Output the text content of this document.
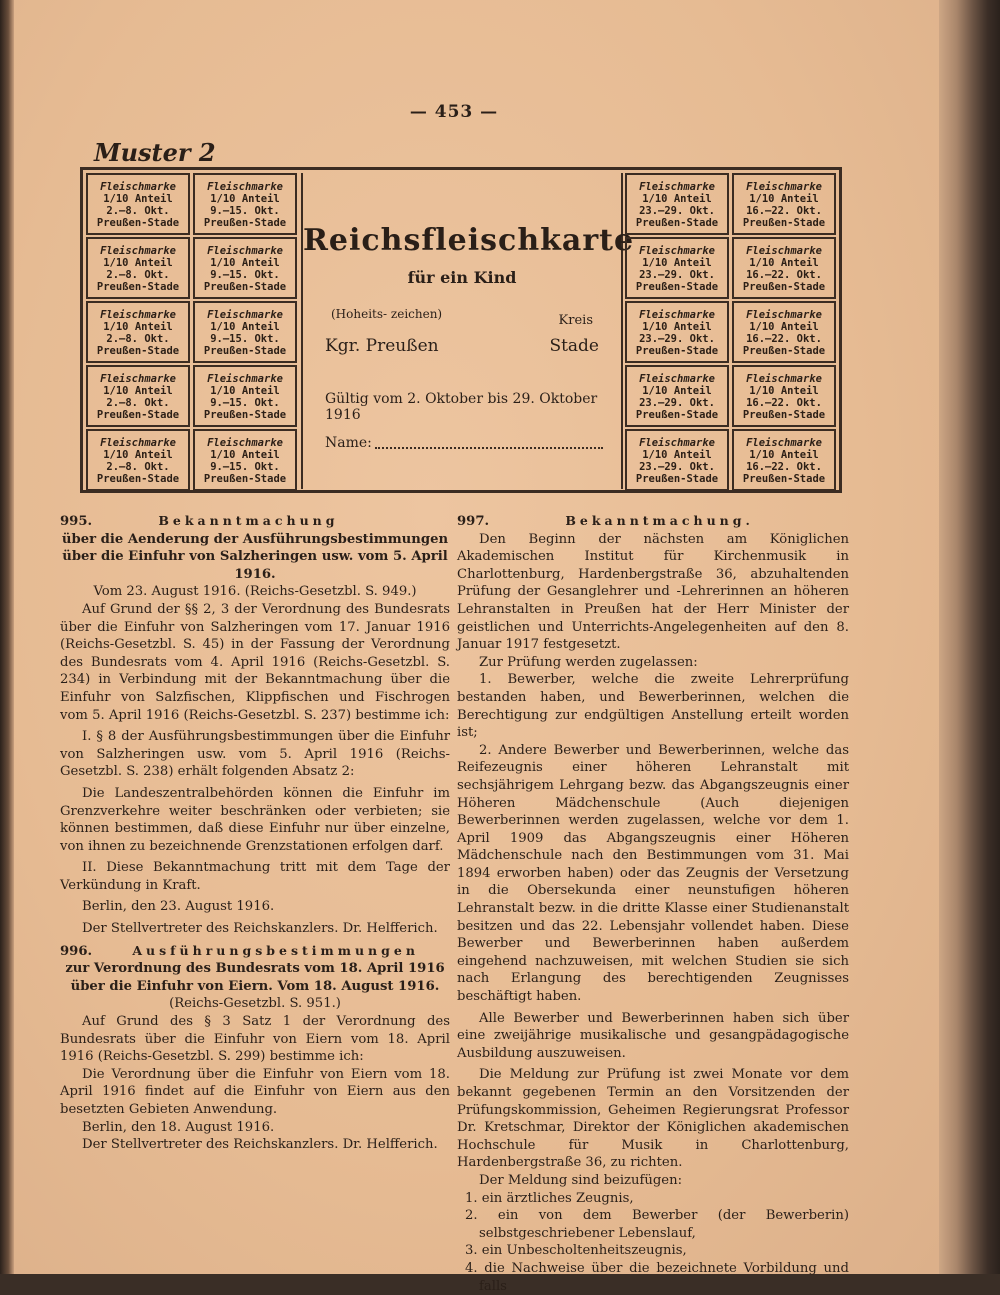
— 453 —
Muster 2
Fleischmarke
1/10 Anteil
2.—8. Okt.
Preußen-Stade
Fleischmarke
1/10 Anteil
2.—8. Okt.
Preußen-Stade
Fleischmarke
1/10 Anteil
2.—8. Okt.
Preußen-Stade
Fleischmarke
1/10 Anteil
2.—8. Okt.
Preußen-Stade
Fleischmarke
1/10 Anteil
2.—8. Okt.
Preußen-Stade
Fleischmarke
1/10 Anteil
9.—15. Okt.
Preußen-Stade
Fleischmarke
1/10 Anteil
9.—15. Okt.
Preußen-Stade
Fleischmarke
1/10 Anteil
9.—15. Okt.
Preußen-Stade
Fleischmarke
1/10 Anteil
9.—15. Okt.
Preußen-Stade
Fleischmarke
1/10 Anteil
9.—15. Okt.
Preußen-Stade
Reichsfleischkarte
für ein Kind
(Hoheits- zeichen)
Kgr. Preußen
Kreis
Stade
Gültig vom 2. Oktober bis 29. Oktober 1916
Name:
Fleischmarke
1/10 Anteil
23.—29. Okt.
Preußen-Stade
Fleischmarke
1/10 Anteil
23.—29. Okt.
Preußen-Stade
Fleischmarke
1/10 Anteil
23.—29. Okt.
Preußen-Stade
Fleischmarke
1/10 Anteil
23.—29. Okt.
Preußen-Stade
Fleischmarke
1/10 Anteil
23.—29. Okt.
Preußen-Stade
Fleischmarke
1/10 Anteil
16.—22. Okt.
Preußen-Stade
Fleischmarke
1/10 Anteil
16.—22. Okt.
Preußen-Stade
Fleischmarke
1/10 Anteil
16.—22. Okt.
Preußen-Stade
Fleischmarke
1/10 Anteil
16.—22. Okt.
Preußen-Stade
Fleischmarke
1/10 Anteil
16.—22. Okt.
Preußen-Stade

995.	Bekanntmachung

über die Aenderung der Ausführungsbestimmungen über die Einfuhr von Salzheringen usw. vom 5. April 1916.

Vom 23. August 1916. (Reichs-Gesetzbl. S. 949.)

Auf Grund der §§ 2, 3 der Verordnung des Bundesrats über die Einfuhr von Salzheringen vom 17. Januar 1916 (Reichs-Gesetzbl. S. 45) in der Fassung der Verordnung des Bundesrats vom 4. April 1916 (Reichs-Gesetzbl. S. 234) in Verbindung mit der Bekanntmachung über die Einfuhr von Salzfischen, Klippfischen und Fischrogen vom 5. April 1916 (Reichs-Gesetzbl. S. 237) bestimme ich:

I. § 8 der Ausführungsbestimmungen über die Einfuhr von Salzheringen usw. vom 5. April 1916 (Reichs-Gesetzbl. S. 238) erhält folgenden Absatz 2:

Die Landeszentralbehörden können die Einfuhr im Grenzverkehre weiter beschränken oder verbieten; sie können bestimmen, daß diese Einfuhr nur über einzelne, von ihnen zu bezeichnende Grenzstationen erfolgen darf.

II. Diese Bekanntmachung tritt mit dem Tage der Verkündung in Kraft.

Berlin, den 23. August 1916.

Der Stellvertreter des Reichskanzlers. Dr. Helfferich.

996.	Ausführungsbestimmungen

zur Verordnung des Bundesrats vom 18. April 1916 über die Einfuhr von Eiern. Vom 18. August 1916.

(Reichs-Gesetzbl. S. 951.)

Auf Grund des § 3 Satz 1 der Verordnung des Bundesrats über die Einfuhr von Eiern vom 18. April 1916 (Reichs-Gesetzbl. S. 299) bestimme ich:

Die Verordnung über die Einfuhr von Eiern vom 18. April 1916 findet auf die Einfuhr von Eiern aus den besetzten Gebieten Anwendung.

Berlin, den 18. August 1916.

Der Stellvertreter des Reichskanzlers. Dr. Helfferich.

997.	Bekanntmachung.

Den Beginn der nächsten am Königlichen Akademischen Institut für Kirchenmusik in Charlottenburg, Hardenbergstraße 36, abzuhaltenden Prüfung der Gesanglehrer und -Lehrerinnen an höheren Lehranstalten in Preußen hat der Herr Minister der geistlichen und Unterrichts-Angelegenheiten auf den 8. Januar 1917 festgesetzt.

Zur Prüfung werden zugelassen:

1. Bewerber, welche die zweite Lehrerprüfung bestanden haben, und Bewerberinnen, welchen die Berechtigung zur endgültigen Anstellung erteilt worden ist;

2. Andere Bewerber und Bewerberinnen, welche das Reifezeugnis einer höheren Lehranstalt mit sechsjährigem Lehrgang bezw. das Abgangszeugnis einer Höheren Mädchenschule (Auch diejenigen Bewerberinnen werden zugelassen, welche vor dem 1. April 1909 das Abgangszeugnis einer Höheren Mädchenschule nach den Bestimmungen vom 31. Mai 1894 erworben haben) oder das Zeugnis der Versetzung in die Obersekunda einer neunstufigen höheren Lehranstalt bezw. in die dritte Klasse einer Studienanstalt besitzen und das 22. Lebensjahr vollendet haben. Diese Bewerber und Bewerberinnen haben außerdem eingehend nachzuweisen, mit welchen Studien sie sich nach Erlangung des berechtigenden Zeugnisses beschäftigt haben.

Alle Bewerber und Bewerberinnen haben sich über eine zweijährige musikalische und gesangpädagogische Ausbildung auszuweisen.

Die Meldung zur Prüfung ist zwei Monate vor dem bekannt gegebenen Termin an den Vorsitzenden der Prüfungskommission, Geheimen Regierungsrat Professor Dr. Kretschmar, Direktor der Königlichen akademischen Hochschule für Musik in Charlottenburg, Hardenbergstraße 36, zu richten.

Der Meldung sind beizufügen:

1. ein ärztliches Zeugnis,
2. ein von dem Bewerber (der Bewerberin) selbstgeschriebener Lebenslauf,
3. ein Unbescholtenheitszeugnis,
4. die Nachweise über die bezeichnete Vorbildung und falls
